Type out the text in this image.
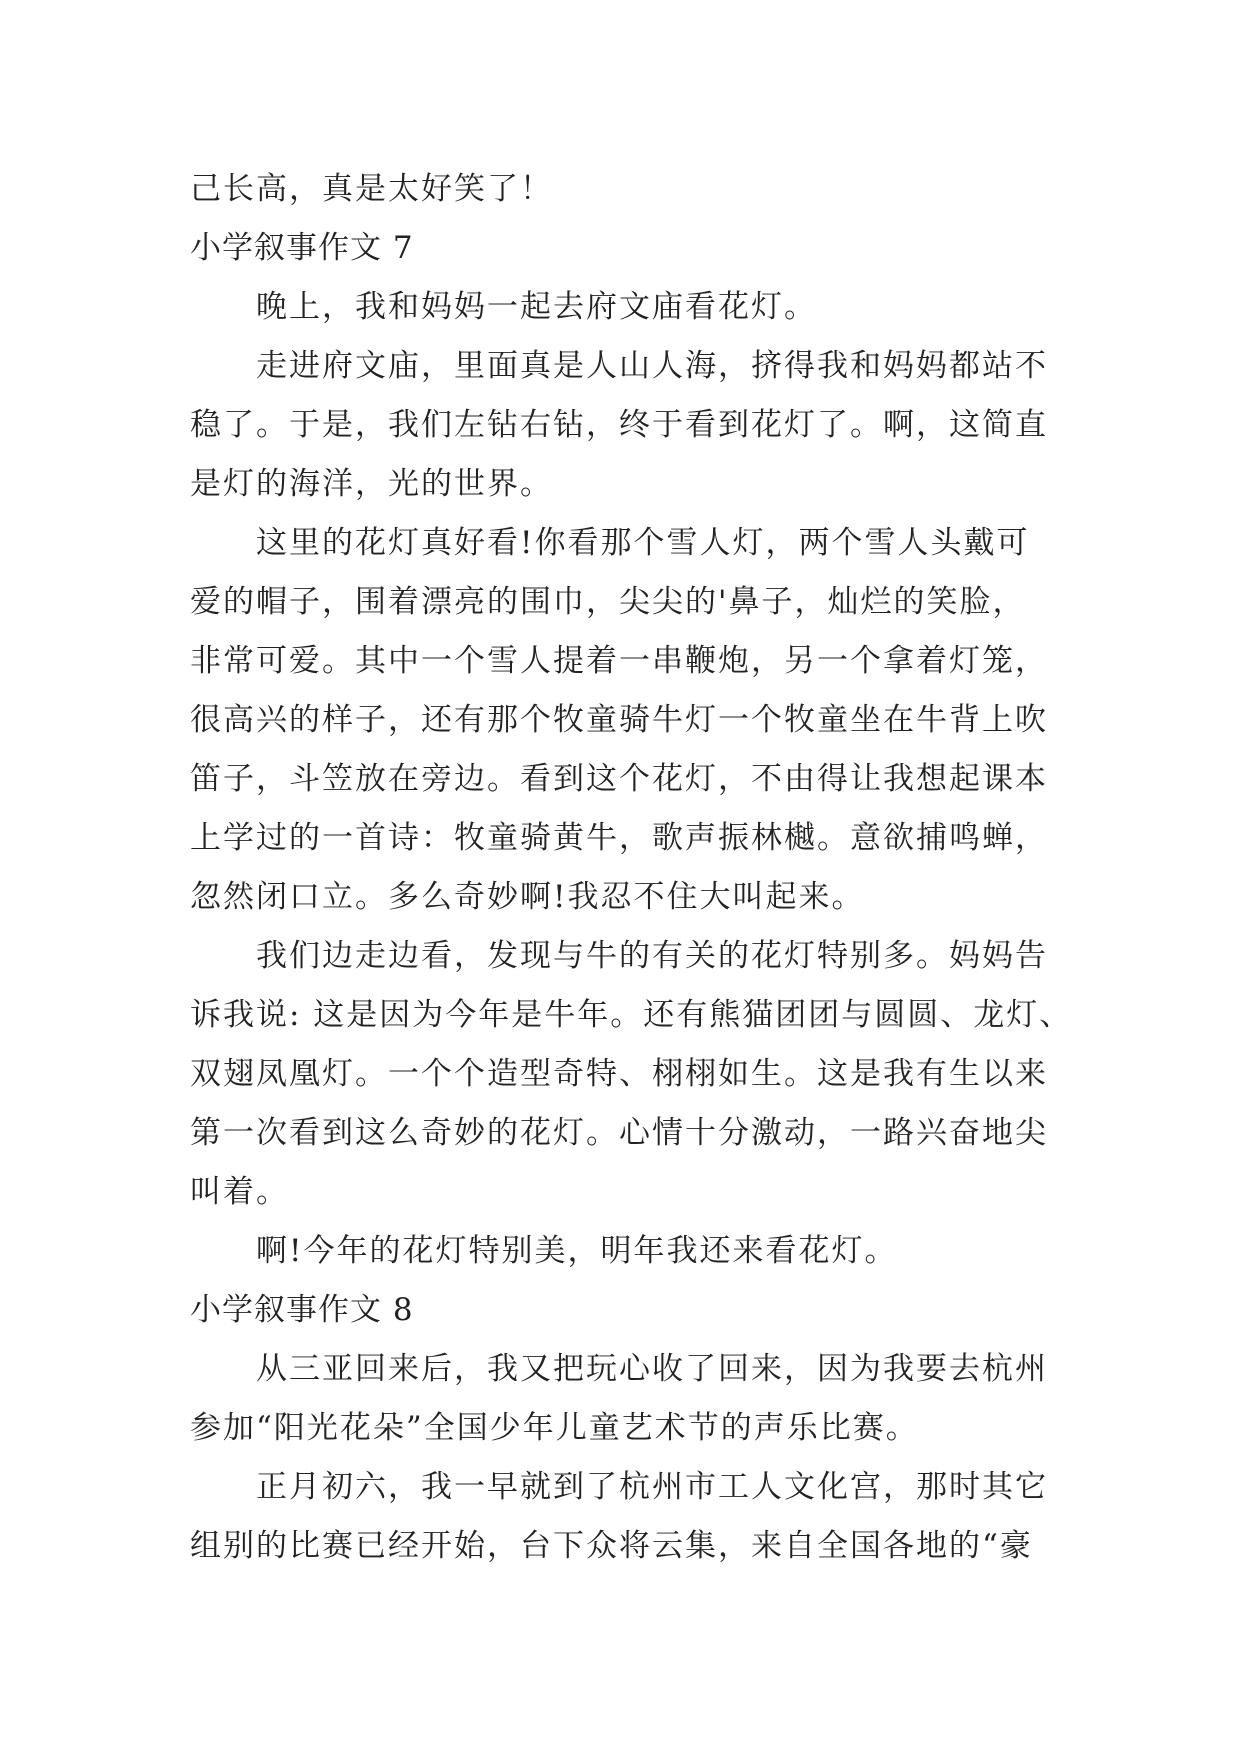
己长高，真是太好笑了！
小学叙事作文 7
晚上，我和妈妈一起去府文庙看花灯。
走进府文庙，里面真是人山人海，挤得我和妈妈都站不
稳了。于是，我们左钻右钻，终于看到花灯了。啊，这简直
是灯的海洋，光的世界。
这里的花灯真好看!你看那个雪人灯，两个雪人头戴可
爱的帽子，围着漂亮的围巾，尖尖的'鼻子，灿烂的笑脸，
非常可爱。其中一个雪人提着一串鞭炮，另一个拿着灯笼，
很高兴的样子，还有那个牧童骑牛灯一个牧童坐在牛背上吹
笛子，斗笠放在旁边。看到这个花灯，不由得让我想起课本
上学过的一首诗：牧童骑黄牛，歌声振林樾。意欲捕鸣蝉，
忽然闭口立。多么奇妙啊!我忍不住大叫起来。
我们边走边看，发现与牛的有关的花灯特别多。妈妈告
诉我说: 这是因为今年是牛年。还有熊猫团团与圆圆、龙灯、
双翅凤凰灯。一个个造型奇特、栩栩如生。这是我有生以来
第一次看到这么奇妙的花灯。心情十分激动，一路兴奋地尖
叫着。
啊!今年的花灯特别美，明年我还来看花灯。
小学叙事作文 8
从三亚回来后，我又把玩心收了回来，因为我要去杭州
参加“阳光花朵”全国少年儿童艺术节的声乐比赛。
正月初六，我一早就到了杭州市工人文化宫，那时其它
组别的比赛已经开始，台下众将云集，来自全国各地的“豪
